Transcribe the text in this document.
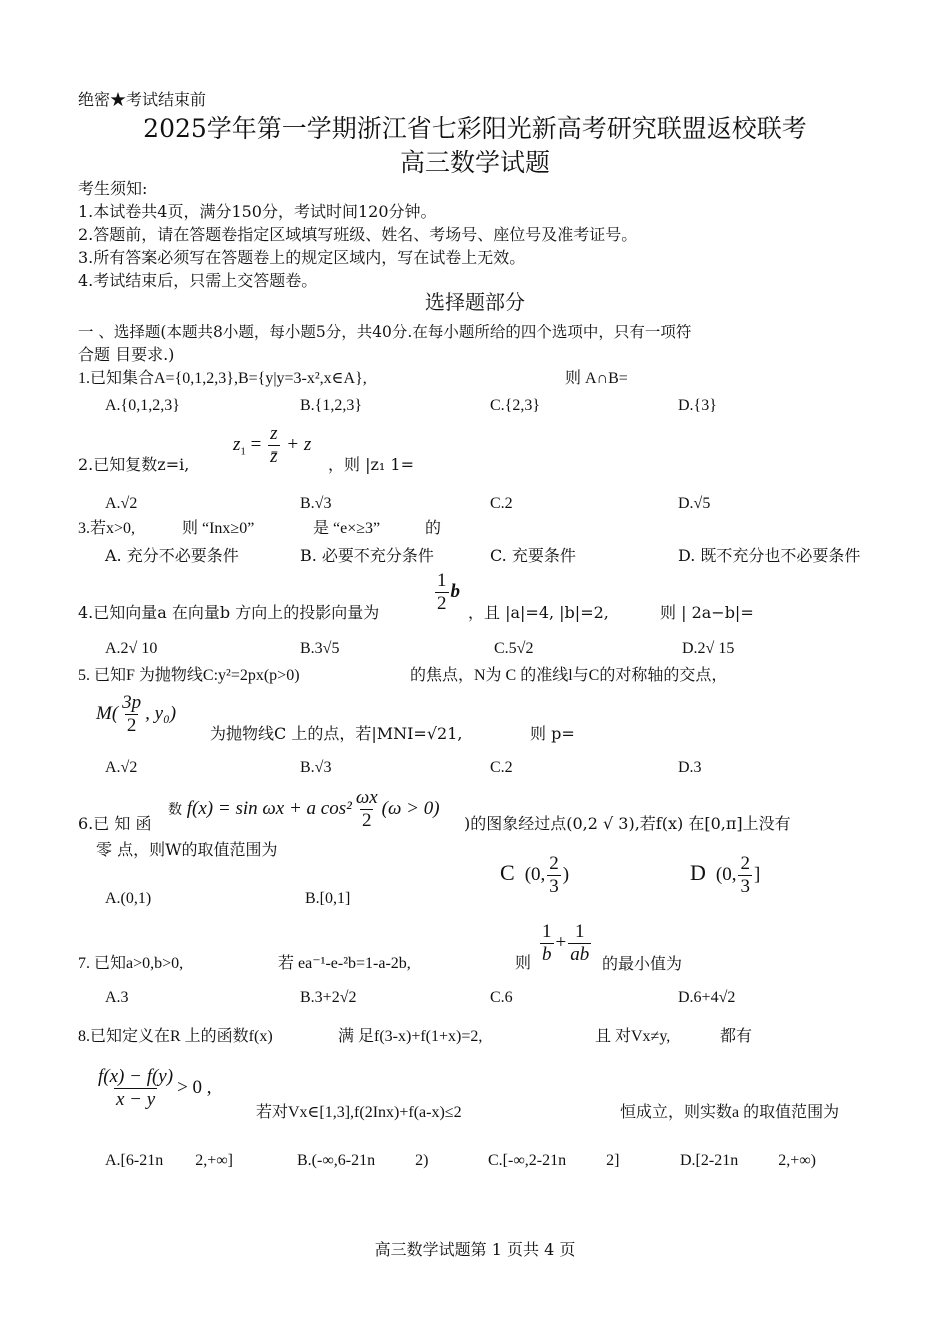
绝密★考试结束前
2025学年第一学期浙江省七彩阳光新高考研究联盟返校联考
高三数学试题
考生须知:
1.本试卷共4页，满分150分，考试时间120分钟。
2.答题前，请在答题卷指定区域填写班级、姓名、考场号、座位号及准考证号。
3.所有答案必须写在答题卷上的规定区域内，写在试卷上无效。
4.考试结束后，只需上交答题卷。
选择题部分
一 、选择题(本题共8小题，每小题5分，共40分.在每小题所给的四个选项中，只有一项符
合题 目要求.)
1.已知集合A={0,1,2,3},B={y|y=3-x²,x∈A},	则 A∩B=
A.{0,1,2,3}	B.{1,2,3}	C.{2,3}	D.{3}
2.已知复数z=i,
$z_1 = \frac{z}{z̄} + z$
，则 |z₁ 1=
A.√2	B.√3	C.2	D.√5
3.若x>0,	则 “Inx≥0”	是 “e×≥3”	的
A. 充分不必要条件	B. 必要不充分条件	C. 充要条件	D. 既不充分也不必要条件
4.已知向量a 在向量b 方向上的投影向量为	$\frac{1}{2}$ b
，且 |a|=4, |b|=2,	则 | 2a−b|=
A.2√ 10	B.3√5	C.5√2	D.2√ 15
5. 已知F 为抛物线C:y²=2px(p>0)	的焦点，N为 C 的准线l与C的对称轴的交点，
$M( \frac{3p}{2}$ , y₀)
为抛物线C 上的点，若|MNI=√21,	则 p=
A.√2	B.√3	C.2	D.3
6.已 知 函
数 f(x) = sin ωx + a $\cos^2 \frac{\omega x}{2} (\omega > 0)$
)的图象经过点(0,2 √ 3),若f(x) 在[0,π]上没有
零 点，则W的取值范围为
A.(0,1)	B.[0,1]
C (0, $\frac{2}{3}$ )	D (0, $\frac{2}{3}$ ]
7. 已知a>0,b>0,	若 ea⁻¹-e-²b=1-a-2b,	则 $\frac{1}{b} + \frac{1}{ab}$ 的最小值为
A.3	B.3+2√2	C.6	D.6+4√2
8.已知定义在R 上的函数f(x)	满 足f(3-x)+f(1+x)=2,	且 对Vx≠y,	都有
$\frac{f(x) - f(y)}{x - y} > 0$ ,
若对Vx∈[1,3],f(2Inx)+f(a-x)≤2	恒成立，则实数a 的取值范围为
A.[6-21n        2,+∞]	B.(-∞,6-21n          2)	C.[-∞,2-21n          2]	D.[2-21n          2,+∞)
高三数学试题第 1 页共 4 页
